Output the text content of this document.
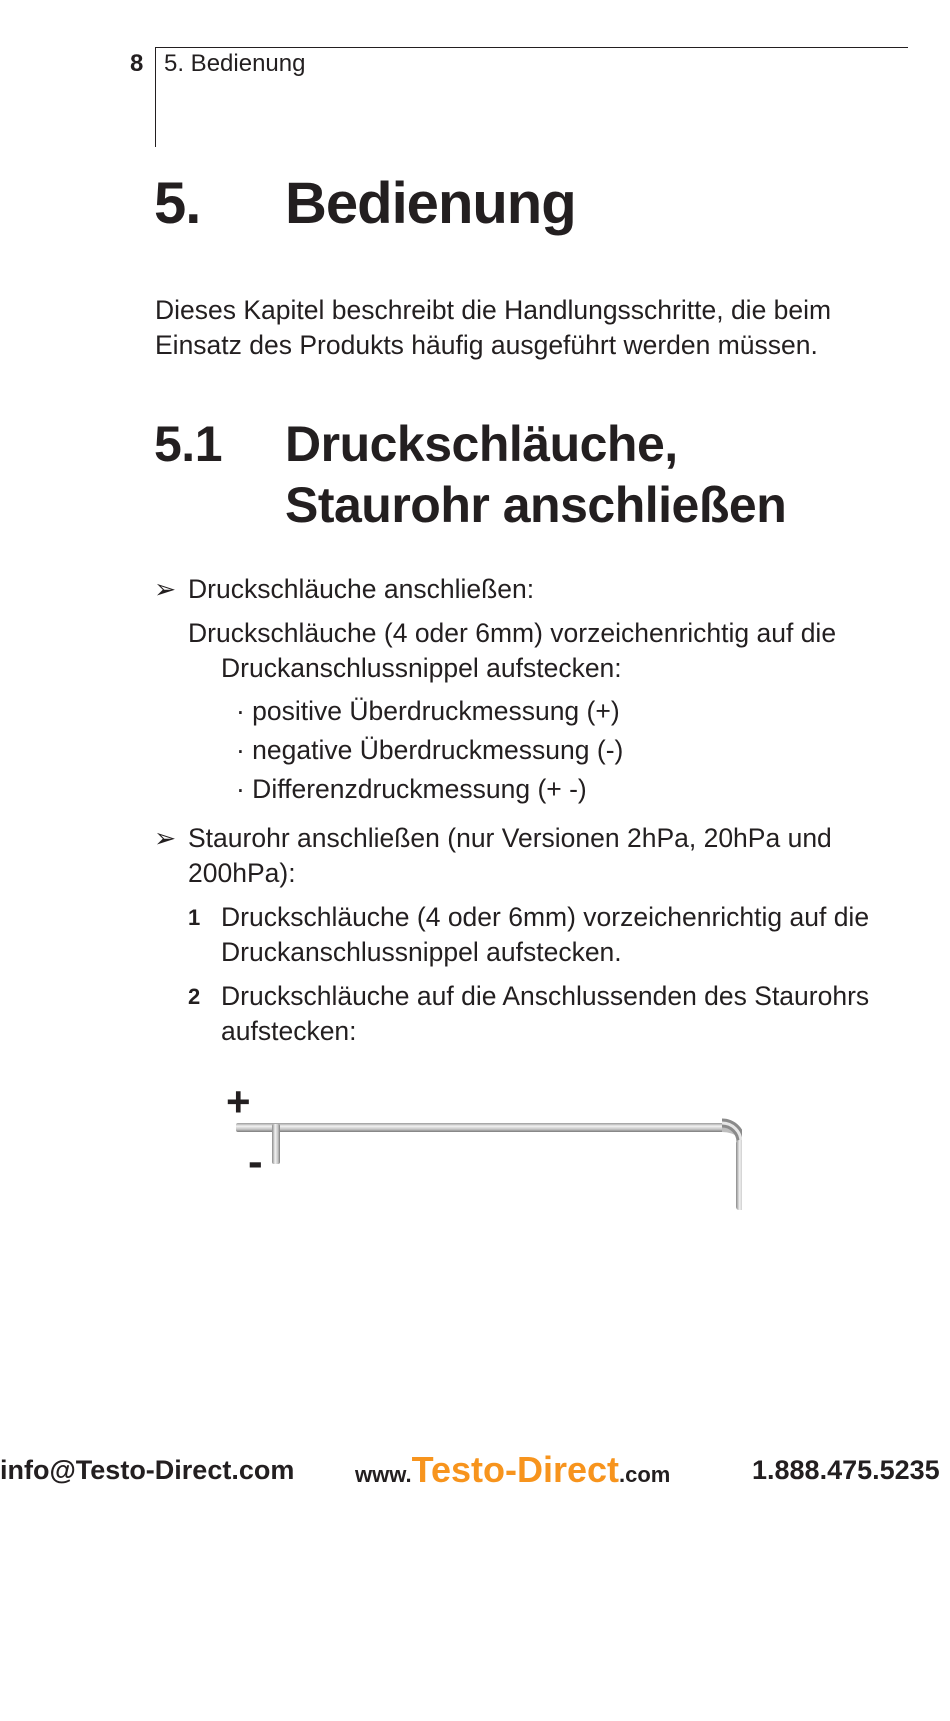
8 5. Bedienung
5.	Bedienung
Dieses Kapitel beschreibt die Handlungsschritte, die beim Einsatz des Produkts häufig ausgeführt werden müssen.
5.1	Druckschläuche,
Staurohr anschließen
➢ Druckschläuche anschließen:
Druckschläuche (4 oder 6mm) vorzeichenrichtig auf die Druckanschlussnippel aufstecken:
· positive Überdruckmessung (+)
· negative Überdruckmessung (-)
· Differenzdruckmessung (+ -)
➢ Staurohr anschließen (nur Versionen 2hPa, 20hPa und
200hPa):
1 Druckschläuche (4 oder 6mm) vorzeichenrichtig auf die Druckanschlussnippel aufstecken.
2 Druckschläuche auf die Anschlussenden des Staurohrs aufstecken:
+
-
info@Testo-Direct.com	www.Testo-Direct.com	1.888.475.5235
